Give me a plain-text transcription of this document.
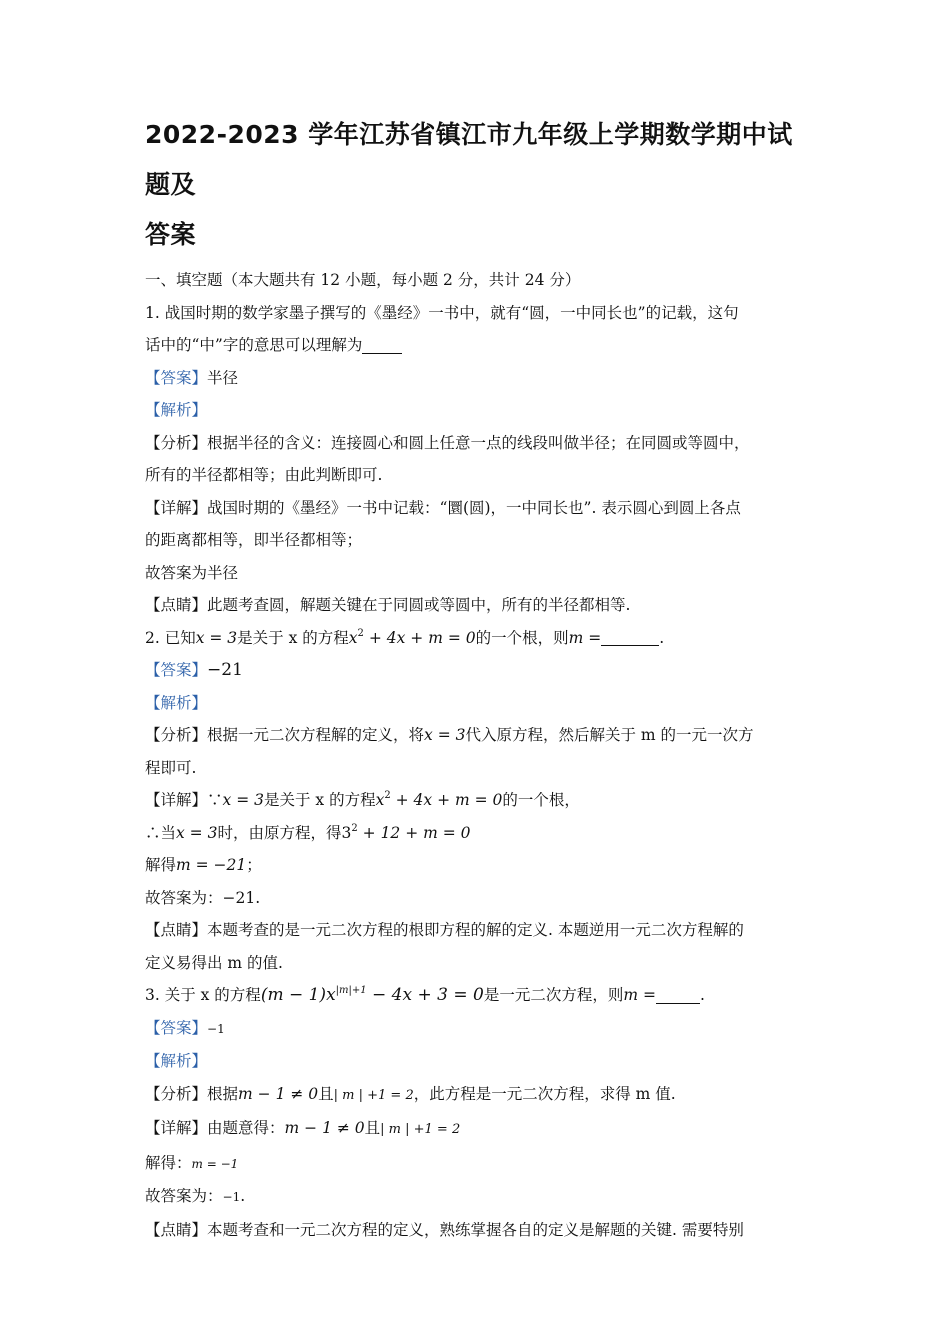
2022-2023 学年江苏省镇江市九年级上学期数学期中试题及
答案
一、填空题（本大题共有 12 小题，每小题 2 分，共计 24 分）
1. 战国时期的数学家墨子撰写的《墨经》一书中，就有“圆，一中同长也”的记载，这句
话中的“中”字的意思可以理解为
【答案】半径
【解析】
【分析】根据半径的含义：连接圆心和圆上任意一点的线段叫做半径；在同圆或等圆中，
所有的半径都相等；由此判断即可.
【详解】战国时期的《墨经》一书中记载：“圜(圆)，一中同长也”. 表示圆心到圆上各点
的距离都相等，即半径都相等；
故答案为半径
【点睛】此题考查圆，解题关键在于同圆或等圆中，所有的半径都相等.
2. 已知x = 3是关于 x 的方程$x^2 + 4x + m = 0$的一个根，则m =	.
【答案】−21
【解析】
【分析】根据一元二次方程解的定义，将x = 3代入原方程，然后解关于 m 的一元一次方
程即可.
【详解】∵x = 3是关于 x 的方程$x^2 + 4x + m = 0$的一个根，
∴当x = 3时，由原方程，得$3^2 + 12 + m = 0$
解得m = −21；
故答案为：−21.
【点睛】本题考查的是一元二次方程的根即方程的解的定义. 本题逆用一元二次方程解的
定义易得出 m 的值.
3. 关于 x 的方程$(m - 1)x^{|m|+1} - 4x + 3 = 0$是一元二次方程，则m =	.
【答案】−1
【解析】
【分析】根据m − 1 ≠ 0且| m | +1 = 2，此方程是一元二次方程，求得 m 值.
【详解】由题意得：m − 1 ≠ 0且| m | +1 = 2
解得：m = −1
故答案为：−1.
【点睛】本题考查和一元二次方程的定义，熟练掌握各自的定义是解题的关键. 需要特别
